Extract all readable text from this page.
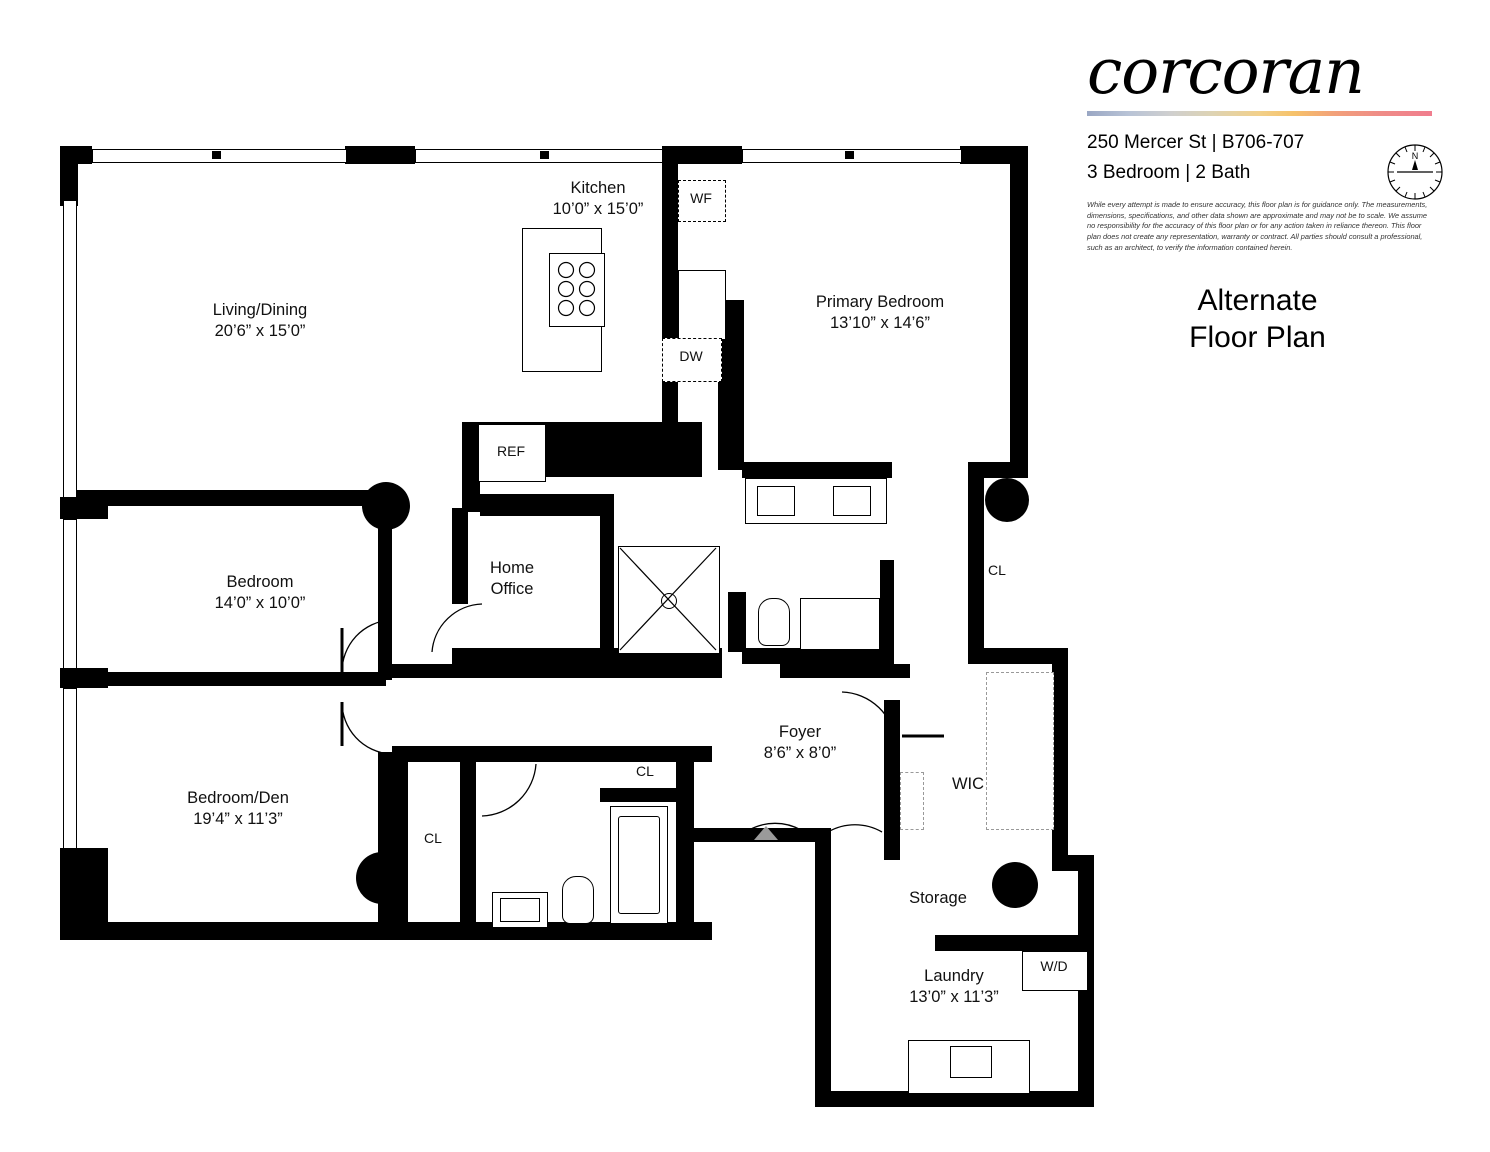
Living/Dining
20’6” x 15’0”
Kitchen
10’0” x 15’0”
Primary Bedroom
13’10” x 14’6”
Bedroom
14’0” x 10’0”
Bedroom/Den
19’4” x 11’3”
Foyer
8’6” x 8’0”
Laundry
13’0” x 11’3”
Home
Office
WIC
Storage
CL
CL
CL
REF
DW
WF
W/D
corcoran
250 Mercer St | B706-707
3 Bedroom | 2 Bath
N
While every attempt is made to ensure accuracy, this floor plan is for guidance only. The measurements, dimensions, specifications, and other data shown are approximate and may not be to scale. We assume no responsibility for the accuracy of this floor plan or for any action taken in reliance thereon. This floor plan does not create any representation, warranty or contract. All parties should consult a professional, such as an architect, to verify the information contained herein.
Alternate
Floor Plan
